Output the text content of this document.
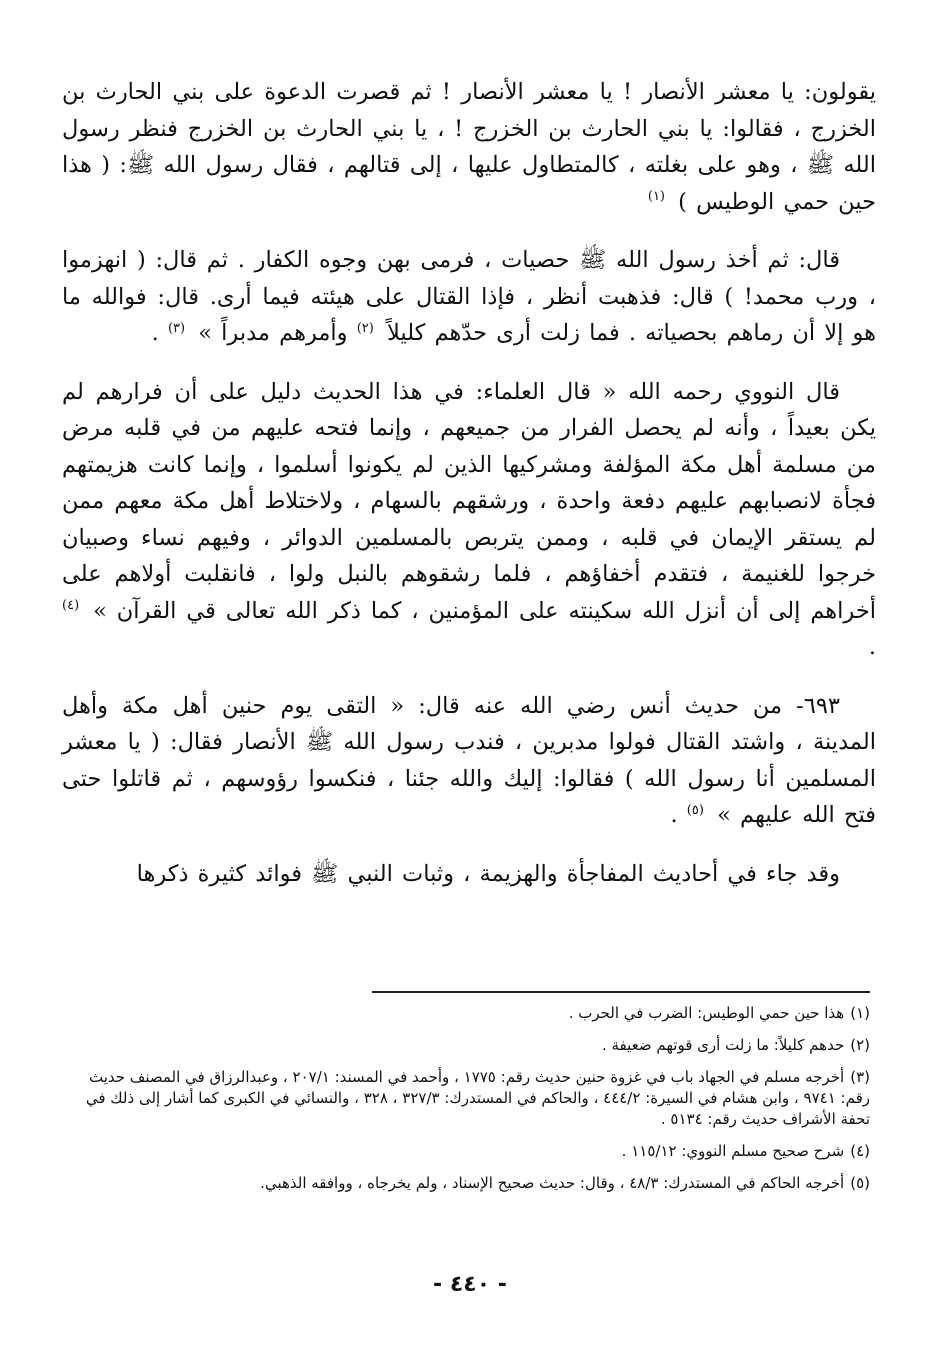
يقولون: يا معشر الأنصار ! يا معشر الأنصار ! ثم قصرت الدعوة على بني الحارث بن الخزرج ، فقالوا: يا بني الحارث بن الخزرج ! ، يا بني الحارث بن الخزرج فنظر رسول الله ﷺ ، وهو على بغلته ، كالمتطاول عليها ، إلى قتالهم ، فقال رسول الله ﷺ: ( هذا حين حمي الوطيس ) $^{(١)}$

قال: ثم أخذ رسول الله ﷺ حصيات ، فرمى بهن وجوه الكفار . ثم قال: ( انهزموا ، ورب محمد! ) قال: فذهبت أنظر ، فإذا القتال على هيئته فيما أرى. قال: فوالله ما هو إلا أن رماهم بحصياته . فما زلت أرى حدّهم كليلاً $^{(٢)}$ وأمرهم مدبراً » $^{(٣)}$ .

قال النووي رحمه الله « قال العلماء: في هذا الحديث دليل على أن فرارهم لم يكن بعيداً ، وأنه لم يحصل الفرار من جميعهم ، وإنما فتحه عليهم من في قلبه مرض من مسلمة أهل مكة المؤلفة ومشركيها الذين لم يكونوا أسلموا ، وإنما كانت هزيمتهم فجأة لانصبابهم عليهم دفعة واحدة ، ورشقهم بالسهام ، ولاختلاط أهل مكة معهم ممن لم يستقر الإيمان في قلبه ، وممن يتربص بالمسلمين الدوائر ، وفيهم نساء وصبيان خرجوا للغنيمة ، فتقدم أخفاؤهم ، فلما رشقوهم بالنبل ولوا ، فانقلبت أولاهم على أخراهم إلى أن أنزل الله سكينته على المؤمنين ، كما ذكر الله تعالى قي القرآن » $^{(٤)}$ .

٦٩٣- من حديث أنس رضي الله عنه قال: « التقى يوم حنين أهل مكة وأهل المدينة ، واشتد القتال فولوا مدبرين ، فندب رسول الله ﷺ الأنصار فقال: ( يا معشر المسلمين أنا رسول الله ) فقالوا: إليك والله جئنا ، فنكسوا رؤوسهم ، ثم قاتلوا حتى فتح الله عليهم » $^{(٥)}$ .

وقد جاء في أحاديث المفاجأة والهزيمة ، وثبات النبي ﷺ فوائد كثيرة ذكرها

(١)هذا حين حمي الوطيس: الضرب في الحرب .

(٢)حدهم كليلاً: ما زلت أرى قوتهم ضعيفة .

(٣)أخرجه مسلم في الجهاد باب في غزوة حنين حديث رقم: ١٧٧٥ ، وأحمد في المسند: ٢٠٧/١ ، وعبدالرزاق في المصنف حديث رقم: ٩٧٤١ ، وابن هشام في السيرة: ٤٤٤/٢ ، والحاكم في المستدرك: ٣٢٧/٣ ، ٣٢٨ ، والنسائي في الكبرى كما أشار إلى ذلك في تحفة الأشراف حديث رقم: ٥١٣٤ .

(٤)شرح صحيح مسلم النووي: ١١٥/١٢ .

(٥)أخرجه الحاكم في المستدرك: ٤٨/٣ ، وقال: حديث صحيح الإسناد ، ولم يخرجاه ، ووافقه الذهبي.

- ٤٤٠ -
